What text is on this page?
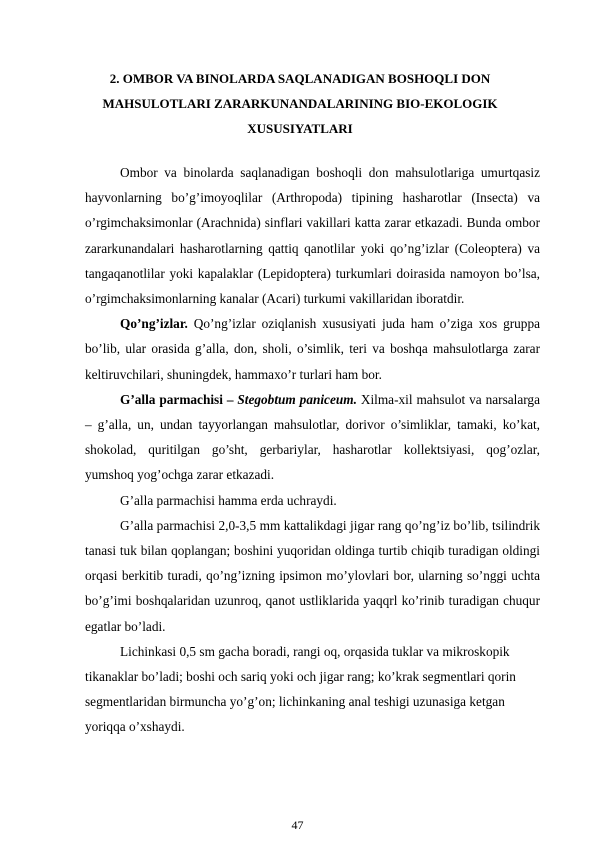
2. OMBOR VA BINOLARDA SAQLANADIGAN BOSHOQLI DON
MAHSULOTLARI ZARARKUNANDALARINING BIO-EKOLOGIK
XUSUSIYATLARI

Ombor va binolarda saqlanadigan boshoqli don mahsulotlariga umurtqasiz hayvonlarning bo’g’imoyoqlilar (Arthropoda) tipining hasharotlar (Insecta) va o’rgimchaksimonlar (Arachnida) sinflari vakillari katta zarar etkazadi. Bunda ombor zararkunandalari hasharotlarning qattiq qanotlilar yoki qo’ng’izlar (Coleoptera) va tangaqanotlilar yoki kapalaklar (Lepidoptera) turkumlari doirasida namoyon bo’lsa, o’rgimchaksimonlarning kanalar (Acari) turkumi vakillaridan iboratdir.

Qo’ng’izlar. Qo’ng’izlar oziqlanish xususiyati juda ham o’ziga xos gruppa bo’lib, ular orasida g’alla, don, sholi, o’simlik, teri va boshqa mahsulotlarga zarar keltiruvchilari, shuningdek, hammaxo’r turlari ham bor.

G’alla parmachisi – Stegobtum paniceum. Xilma-xil mahsulot va narsalarga – g’alla, un, undan tayyorlangan mahsulotlar, dorivor o’simliklar, tamaki, ko’kat, shokolad, quritilgan go’sht, gerbariylar, hasharotlar kollektsiyasi, qog’ozlar, yumshoq yog’ochga zarar etkazadi.

G’alla parmachisi hamma erda uchraydi.

G’alla parmachisi 2,0-3,5 mm kattalikdagi jigar rang qo’ng’iz bo’lib, tsilindrik tanasi tuk bilan qoplangan; boshini yuqoridan oldinga turtib chiqib turadigan oldingi orqasi berkitib turadi, qo’ng’izning ipsimon mo’ylovlari bor, ularning so’nggi uchta bo’g’imi boshqalaridan uzunroq, qanot ustliklarida yaqqrl ko’rinib turadigan chuqur egatlar bo’ladi.

Lichinkasi 0,5 sm gacha boradi, rangi oq, orqasida tuklar va mikroskopik tikanaklar bo’ladi; boshi och sariq yoki och jigar rang; ko’krak segmentlari qorin segmentlaridan birmuncha yo’g’on; lichinkaning anal teshigi uzunasiga ketgan yoriqqa o’xshaydi.

47
